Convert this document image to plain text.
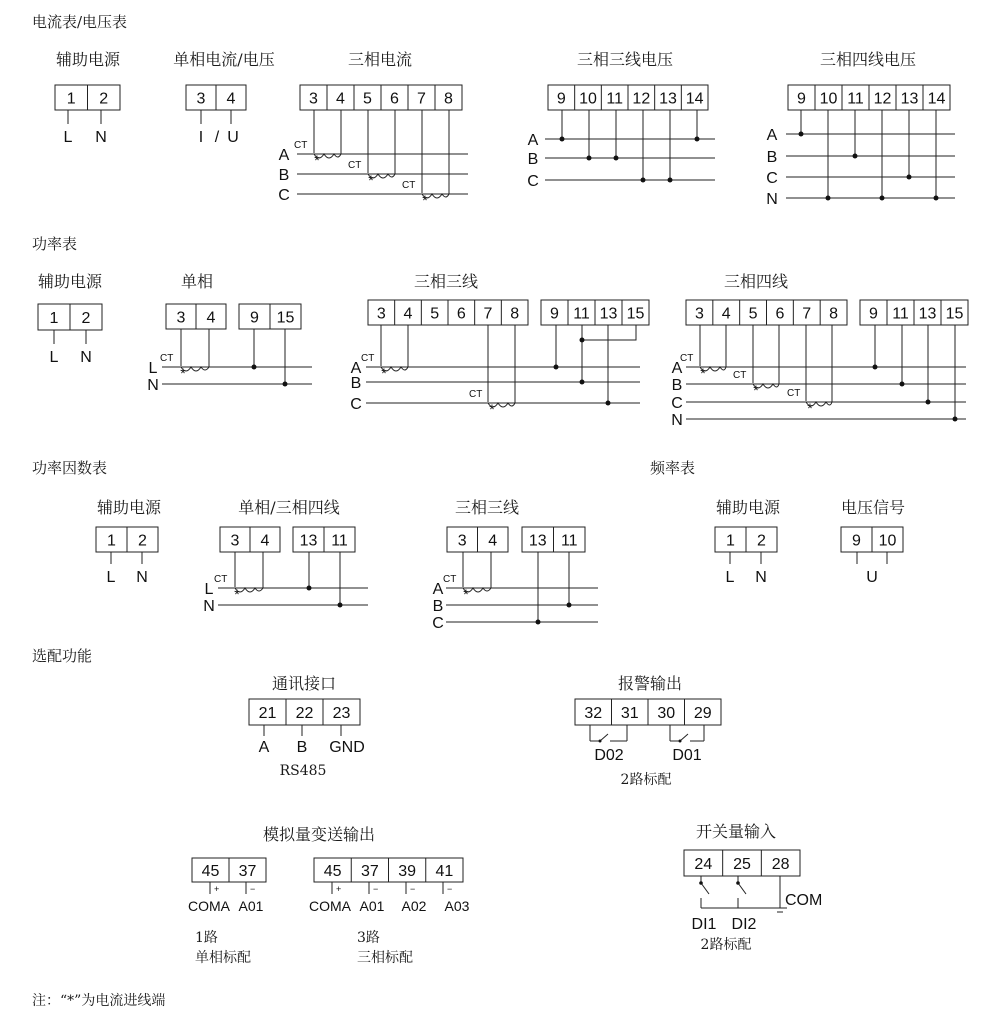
电流表/电压表
功率表
功率因数表	频率表
选配功能
辅助电源
1 2
L N
单相电流/电压
3 4
I / U
三相电流
3 4 5 6 7 8
A
B
C
CT
*	CT
*	CT
*
三相三线电压
9 10 11 12 13 14
A
B
C
三相四线电压
9 10 11 12 13 14
A
B
C
N
辅助电源
1 2
L N
单相
3 4 9 15
L
N
CT
*
三相三线
3 4 5 6 7 8 9 11 13 15
A
B
C
CT
*
CT
*
三相四线
3 4 5 6 7 8 9 11 13 15
A
B
C
N
CT
*	CT
*	CT
*
辅助电源
1 2
L N
单相/三相四线
3 4 13 11
L
N
CT
*
三相三线
3 4 13 11
A
B
C
CT
*
辅助电源
1 2
L N
电压信号
9 10
U
通讯接口
21 22 23
A B GND
RS485
报警输出
32 31 30 29
D02	D01
2路标配
模拟量变送输出
45 37	45 37 39 41
+	−	+	−	−	−
COMA A01	COMA A01 A02 A03
1路
单相标配
3路
三相标配
开关量输入
24 25 28
COM
DI1 DI2
2路标配
注：“*”为电流进线端
